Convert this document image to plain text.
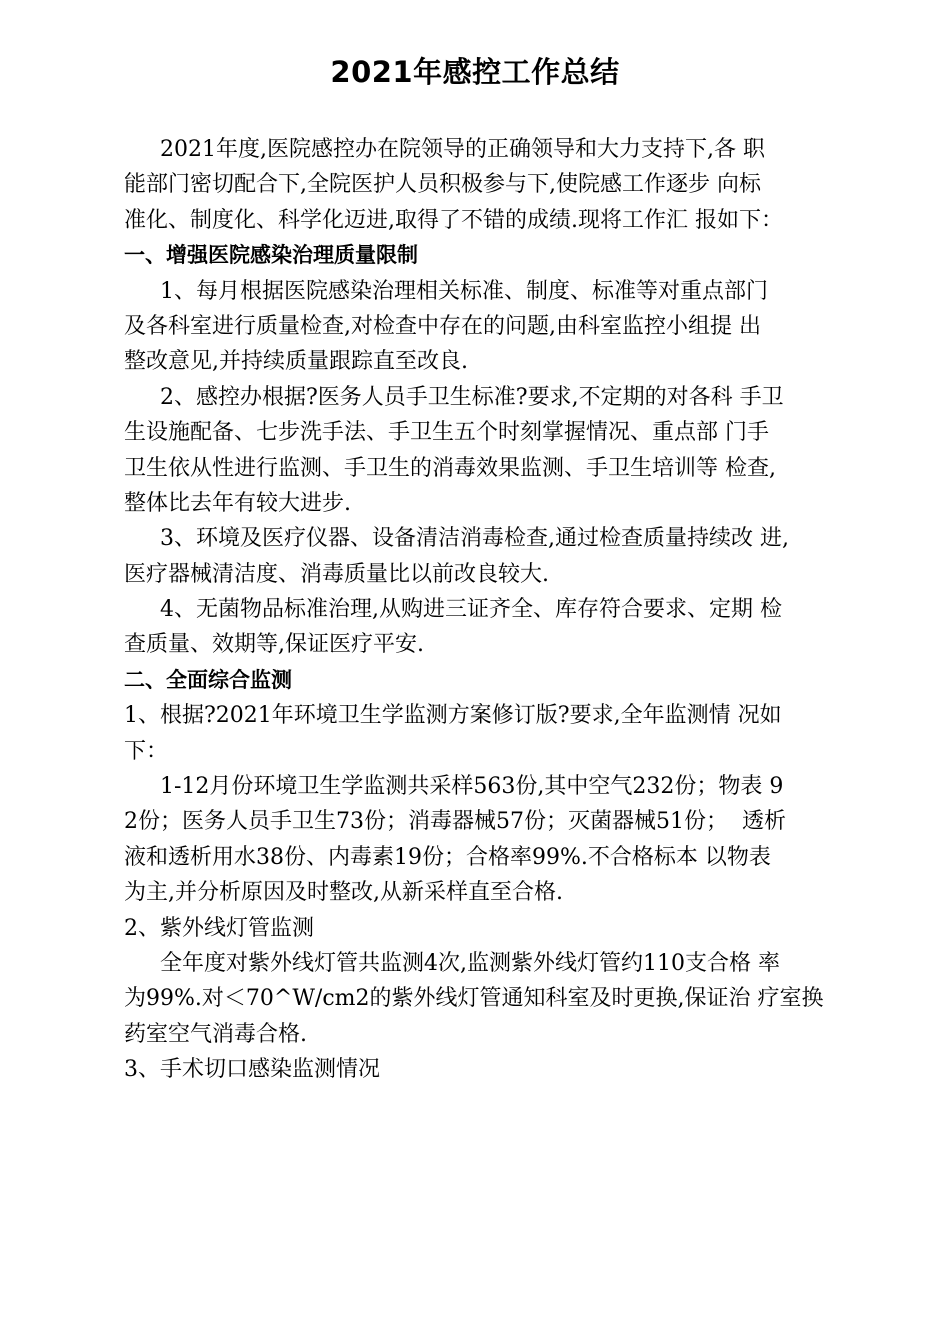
2021年感控工作总结
2021年度,医院感控办在院领导的正确领导和大力支持下,各 职
能部门密切配合下,全院医护人员积极参与下,使院感工作逐步 向标
准化、制度化、科学化迈进,取得了不错的成绩.现将工作汇 报如下：
一、增强医院感染治理质量限制
1、每月根据医院感染治理相关标准、制度、标准等对重点部门
及各科室进行质量检查,对检查中存在的问题,由科室监控小组提 出
整改意见,并持续质量跟踪直至改良.
2、感控办根据?医务人员手卫生标准?要求,不定期的对各科 手卫
生设施配备、七步洗手法、手卫生五个时刻掌握情况、重点部 门手
卫生依从性进行监测、手卫生的消毒效果监测、手卫生培训等 检查,
整体比去年有较大进步.
3、环境及医疗仪器、设备清洁消毒检查,通过检查质量持续改 进,
医疗器械清洁度、消毒质量比以前改良较大.
4、无菌物品标准治理,从购进三证齐全、库存符合要求、定期 检
查质量、效期等,保证医疗平安.
二、全面综合监测
1、根据?2021年环境卫生学监测方案修订版?要求,全年监测情 况如
下：
1-12月份环境卫生学监测共采样563份,其中空气232份；物表 9
2份；医务人员手卫生73份；消毒器械57份；灭菌器械51份；  透析
液和透析用水38份、内毒素19份；合格率99%.不合格标本 以物表
为主,并分析原因及时整改,从新采样直至合格.
2、紫外线灯管监测
全年度对紫外线灯管共监测4次,监测紫外线灯管约110支合格 率
为99%.对＜70^W/cm2的紫外线灯管通知科室及时更换,保证治 疗室换
药室空气消毒合格.
3、手术切口感染监测情况
